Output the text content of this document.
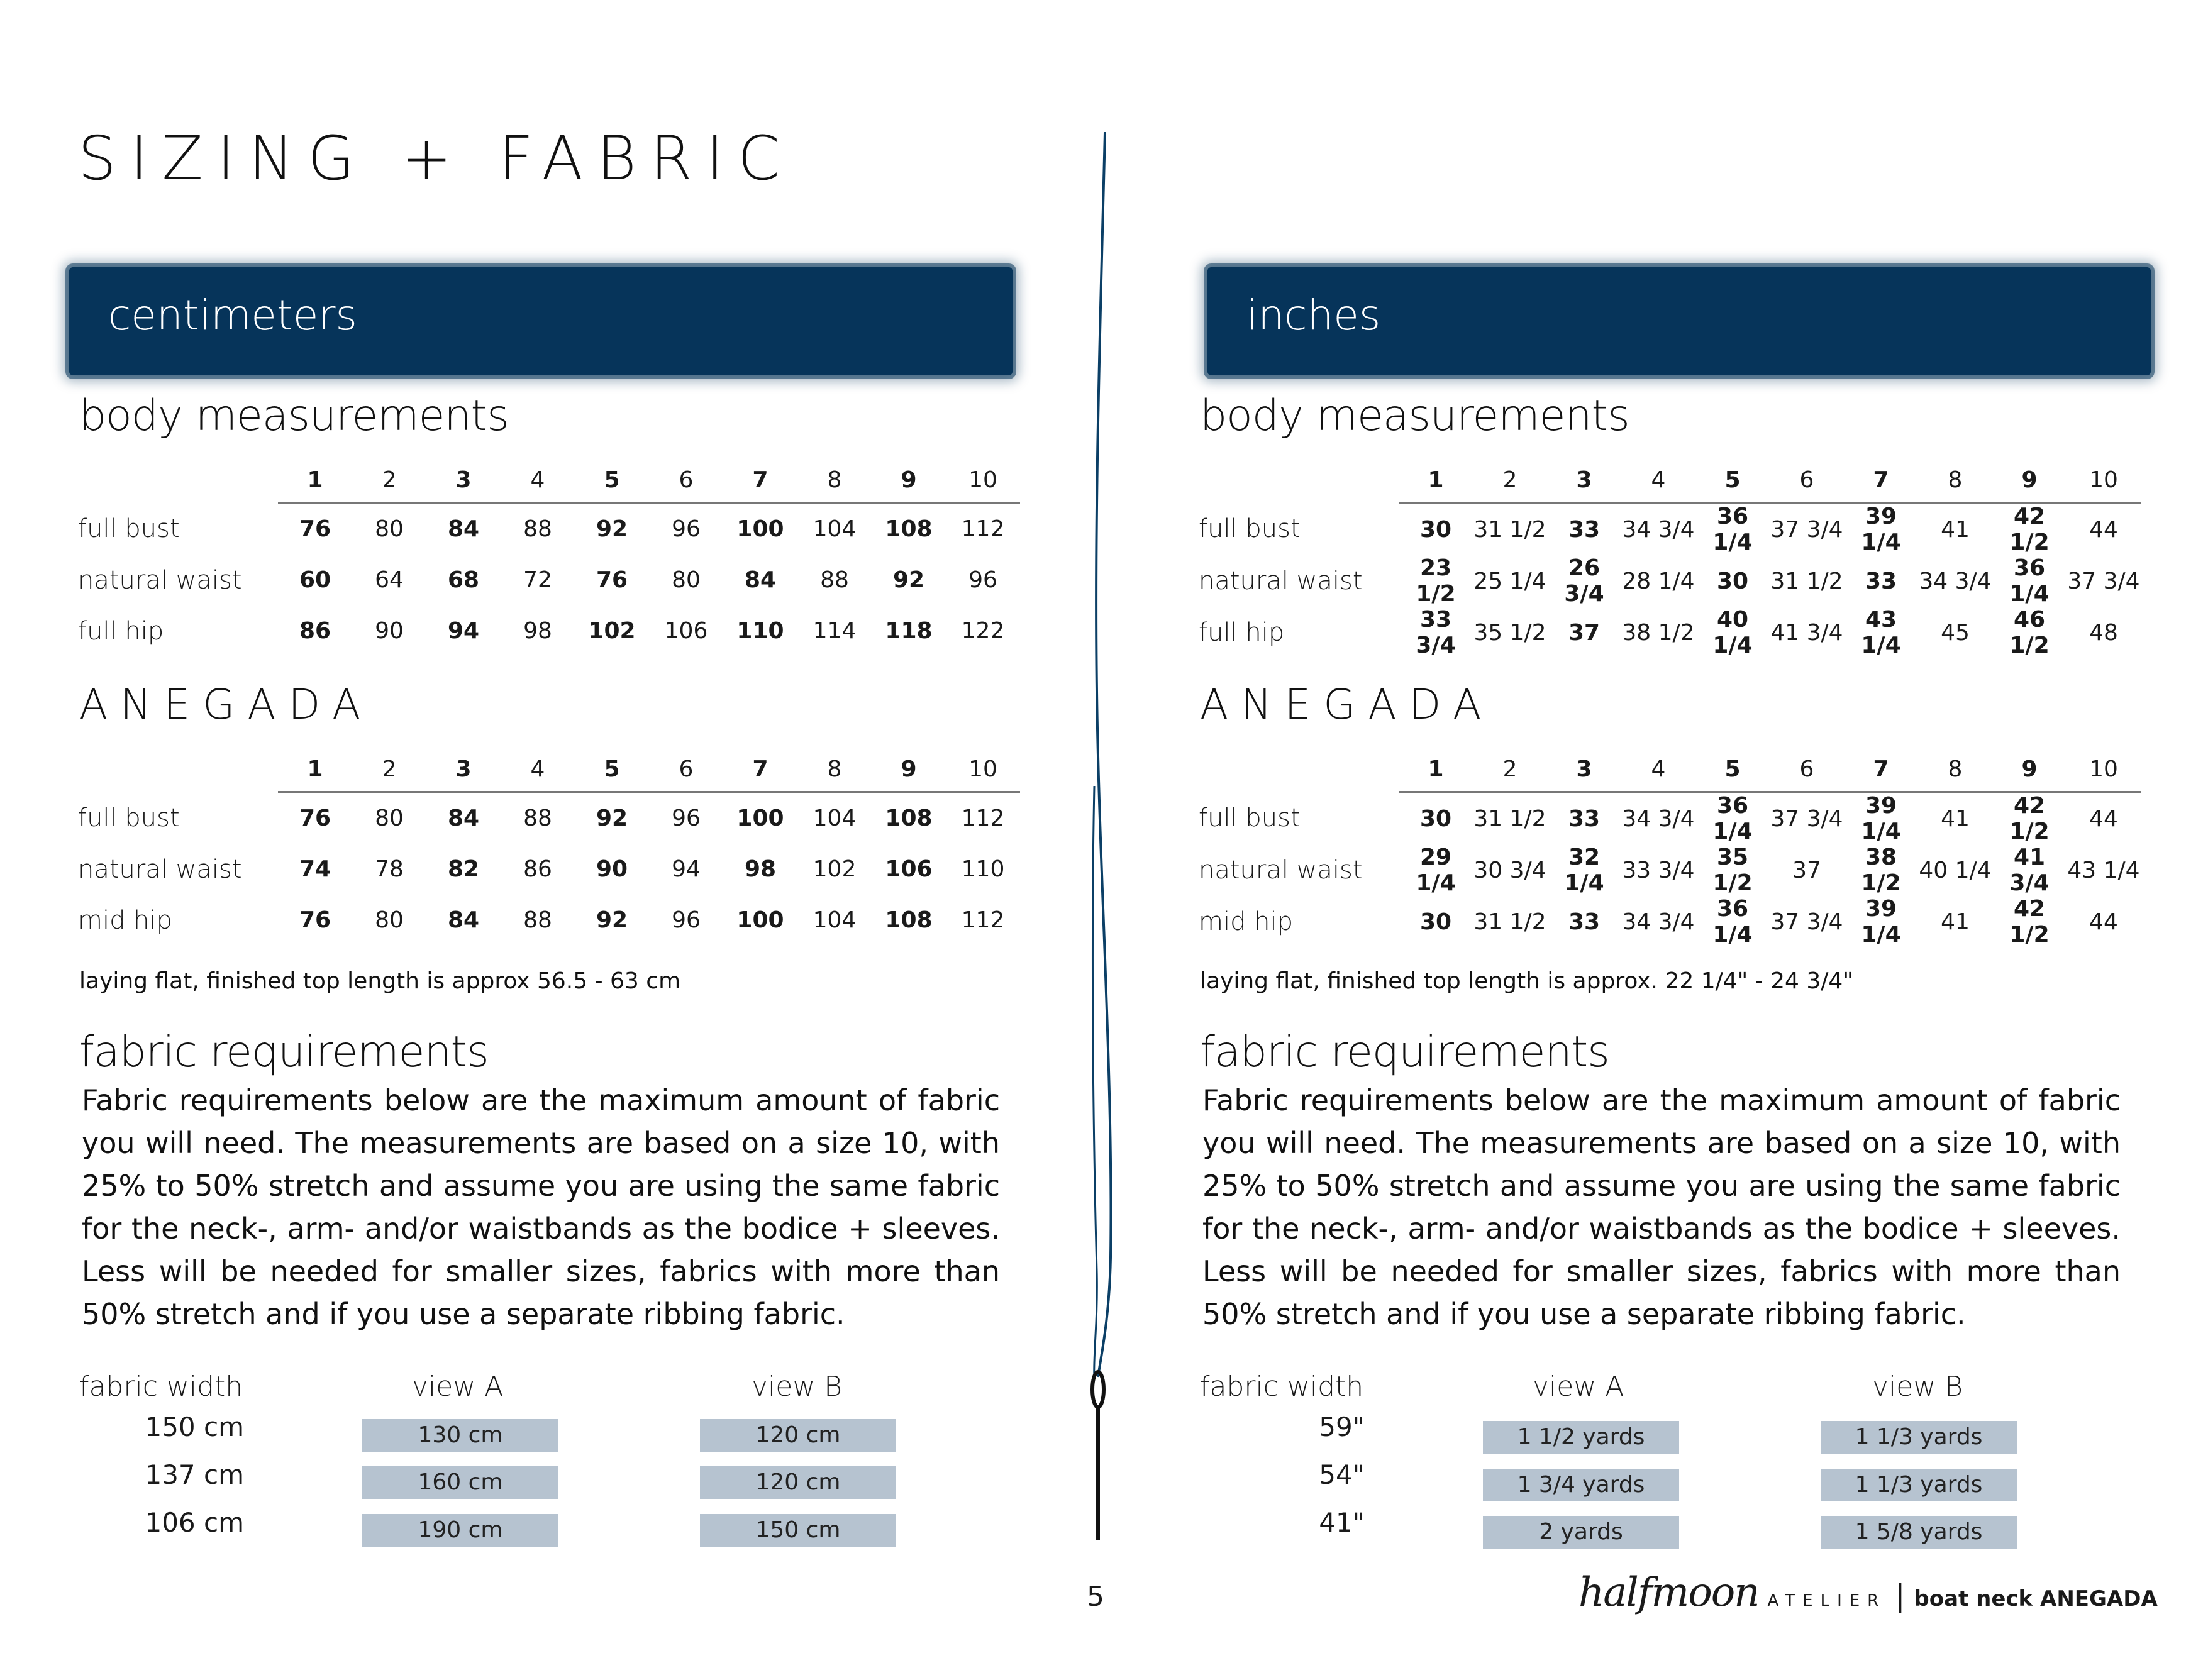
SIZING + FABRIC
centimeters
body measurements
	1	2	3	4	5	6	7	8	9	10
full bust	76	80	84	88	92	96	100	104	108	112
natural waist	60	64	68	72	76	80	84	88	92	96
full hip	86	90	94	98	102	106	110	114	118	122
ANEGADA
	1	2	3	4	5	6	7	8	9	10
full bust	76	80	84	88	92	96	100	104	108	112
natural waist	74	78	82	86	90	94	98	102	106	110
mid hip	76	80	84	88	92	96	100	104	108	112
laying flat, finished top length is approx 56.5 - 63 cm
fabric requirements
Fabric requirements below are the maximum amount of fabric you will need. The measurements are based on a size 10, with 25% to 50% stretch and assume you are using the same fabric for the neck-, arm- and/or waistbands as the bodice + sleeves. Less will be needed for smaller sizes, fabrics with more than 50% stretch and if you use a separate ribbing fabric.
fabric width	view A	view B
150 cm	130 cm	120 cm
137 cm	160 cm	120 cm
106 cm	190 cm	150 cm
inches
body measurements
	1	2	3	4	5	6	7	8	9	10
full bust	30	31 1/2	33	34 3/4	36 1/4	37 3/4	39 1/4	41	42 1/2	44
natural waist	23 1/2	25 1/4	26 3/4	28 1/4	30	31 1/2	33	34 3/4	36 1/4	37 3/4
full hip	33 3/4	35 1/2	37	38 1/2	40 1/4	41 3/4	43 1/4	45	46 1/2	48
ANEGADA
	1	2	3	4	5	6	7	8	9	10
full bust	30	31 1/2	33	34 3/4	36 1/4	37 3/4	39 1/4	41	42 1/2	44
natural waist	29 1/4	30 3/4	32 1/4	33 3/4	35 1/2	37	38 1/2	40 1/4	41 3/4	43 1/4
mid hip	30	31 1/2	33	34 3/4	36 1/4	37 3/4	39 1/4	41	42 1/2	44
laying flat, finished top length is approx. 22 1/4" - 24 3/4"
fabric requirements
Fabric requirements below are the maximum amount of fabric you will need. The measurements are based on a size 10, with 25% to 50% stretch and assume you are using the same fabric for the neck-, arm- and/or waistbands as the bodice + sleeves. Less will be needed for smaller sizes, fabrics with more than 50% stretch and if you use a separate ribbing fabric.
fabric width	view A	view B
59"	1 1/2 yards	1 1/3 yards
54"	1 3/4 yards	1 1/3 yards
41"	2 yards	1 5/8 yards
5	halfmoon ATELIER | boat neck ANEGADA
